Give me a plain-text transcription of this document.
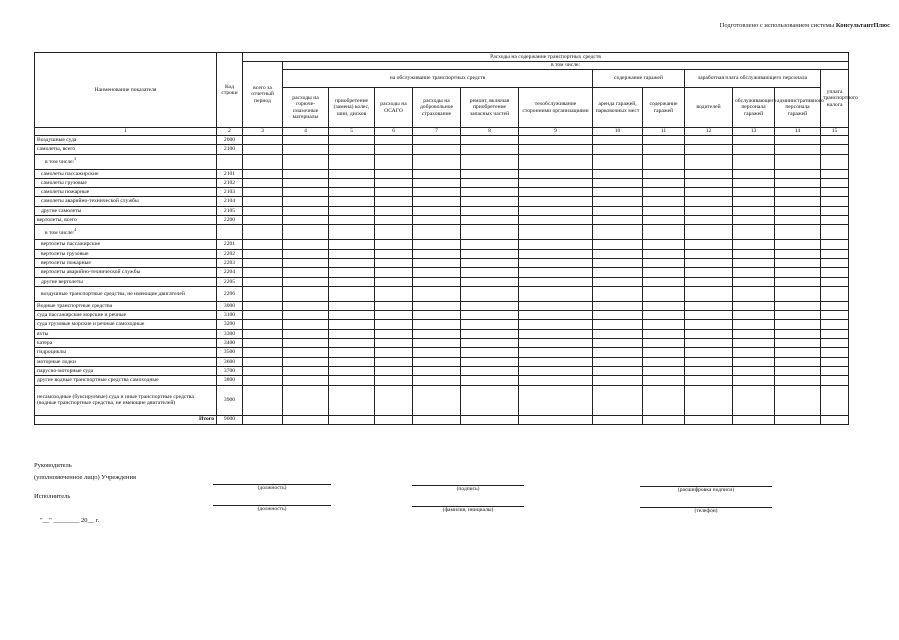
Подготовлено с использованием системы КонсультантПлюс
Наименование показателя	Код строки	Расходы на содержание транспортных средств												
		всего за отчетный период	в том числе:											
			на обслуживание транспортных средств						содержание гаражей		заработная плата обслуживающего персонала			уплата транспортного налога
			расходы на горюче-смазочные материалы	приобретение (замена) колес, шин, дисков	расходы на ОСАГО	расходы на добровольное страхование	ремонт, включая приобретение запасных частей	техобслуживание сторонними организациями	аренда гаражей, парковочных мест	содержание гаражей	водителей	обслуживающего персонала гаражей	административного персонала гаражей	
1	2	3	4	5	6	7	8	9	10	11	12	13	14	15
Воздушные суда	2000													
самолеты, всего	2100													
в том числе:$^3$														
самолеты пассажирские	2101													
самолеты грузовые	2102													
самолеты пожарные	2103													
самолеты аварийно-технической службы	2104													
другие самолеты	2105													
вертолеты, всего	2200													
в том числе:$^4$														
вертолеты пассажирские	2201													
вертолеты грузовые	2202													
вертолеты пожарные	2203													
вертолеты аварийно-технической службы	2204													
другие вертолеты	2205													
воздушные транспортные средства, не имеющие двигателей	2206													
Водные транспортные средства	3000													
суда пассажирские морские и речные	3100													
суда грузовые морские и речные самоходные	3200													
яхты	3300													
катера	3400													
гидроциклы	3500													
моторные лодки	3600													
парусно-моторные суда	3700													
другие водные транспортные средства самоходные	3800													
несамоходные (буксируемые) суда и иные транспортные средства (водные транспортные средства, не имеющие двигателей)	3900													
Итого	9000													
Руководитель
(уполномоченное лицо) Учреждения
(должность)	(подпись)	(расшифровка подписи)
Исполнитель
(должность)	(фамилия, инициалы)	(телефон)
"__" ________ 20__ г.
